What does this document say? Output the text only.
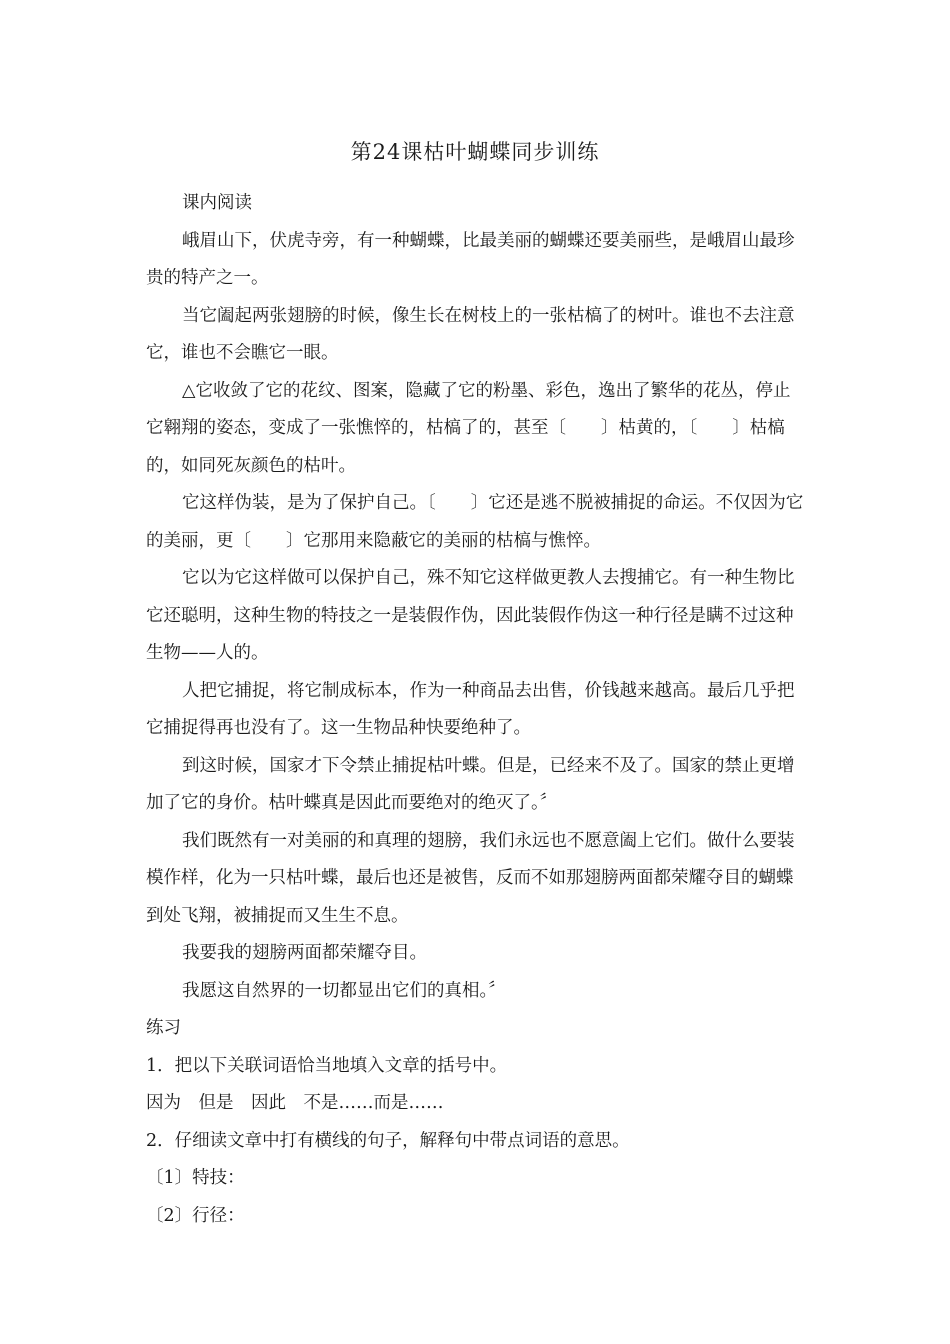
第24课枯叶蝴蝶同步训练

课内阅读

峨眉山下，伏虎寺旁，有一种蝴蝶，比最美丽的蝴蝶还要美丽些，是峨眉山最珍贵的特产之一。

当它阖起两张翅膀的时候，像生长在树枝上的一张枯槁了的树叶。谁也不去注意它，谁也不会瞧它一眼。

△它收敛了它的花纹、图案，隐藏了它的粉墨、彩色，逸出了繁华的花丛，停止它翱翔的姿态，变成了一张憔悴的，枯槁了的，甚至〔　　〕枯黄的，〔　　〕枯槁的，如同死灰颜色的枯叶。

它这样伪装，是为了保护自己。〔　　〕它还是逃不脱被捕捉的命运。不仅因为它的美丽，更〔　　〕它那用来隐蔽它的美丽的枯槁与憔悴。

它以为它这样做可以保护自己，殊不知它这样做更教人去搜捕它。有一种生物比它还聪明，这种生物的特技之一是装假作伪，因此装假作伪这一种行径是瞒不过这种生物——人的。

人把它捕捉，将它制成标本，作为一种商品去出售，价钱越来越高。最后几乎把它捕捉得再也没有了。这一生物品种快要绝种了。

到这时候，国家才下令禁止捕捉枯叶蝶。但是，已经来不及了。国家的禁止更增加了它的身价。枯叶蝶真是因此而要绝对的绝灭了。〞

我们既然有一对美丽的和真理的翅膀，我们永远也不愿意阖上它们。做什么要装模作样，化为一只枯叶蝶，最后也还是被售，反而不如那翅膀两面都荣耀夺目的蝴蝶到处飞翔，被捕捉而又生生不息。

我要我的翅膀两面都荣耀夺目。

我愿这自然界的一切都显出它们的真相。〞

练习

1．把以下关联词语恰当地填入文章的括号中。

因为　但是　因此　不是……而是……

2．仔细读文章中打有横线的句子，解释句中带点词语的意思。

〔1〕特技：

〔2〕行径：
